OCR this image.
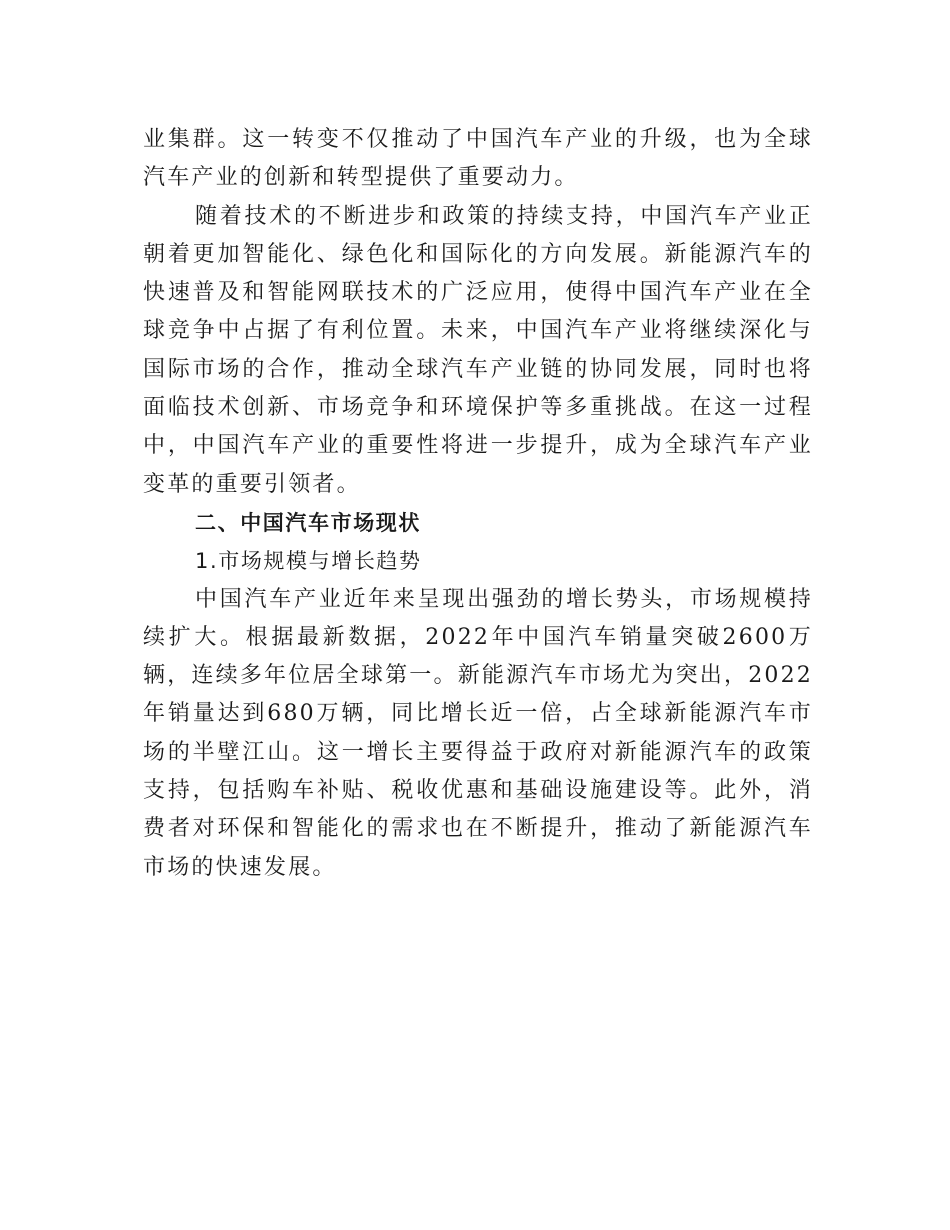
业集群。这一转变不仅推动了中国汽车产业的升级，也为全球汽车产业的创新和转型提供了重要动力。

随着技术的不断进步和政策的持续支持，中国汽车产业正朝着更加智能化、绿色化和国际化的方向发展。新能源汽车的快速普及和智能网联技术的广泛应用，使得中国汽车产业在全球竞争中占据了有利位置。未来，中国汽车产业将继续深化与国际市场的合作，推动全球汽车产业链的协同发展，同时也将面临技术创新、市场竞争和环境保护等多重挑战。在这一过程中，中国汽车产业的重要性将进一步提升，成为全球汽车产业变革的重要引领者。

二、中国汽车市场现状

1.市场规模与增长趋势

中国汽车产业近年来呈现出强劲的增长势头，市场规模持续扩大。根据最新数据，2022年中国汽车销量突破2600万辆，连续多年位居全球第一。新能源汽车市场尤为突出，2022年销量达到680万辆，同比增长近一倍，占全球新能源汽车市场的半壁江山。这一增长主要得益于政府对新能源汽车的政策支持，包括购车补贴、税收优惠和基础设施建设等。此外，消费者对环保和智能化的需求也在不断提升，推动了新能源汽车市场的快速发展。
